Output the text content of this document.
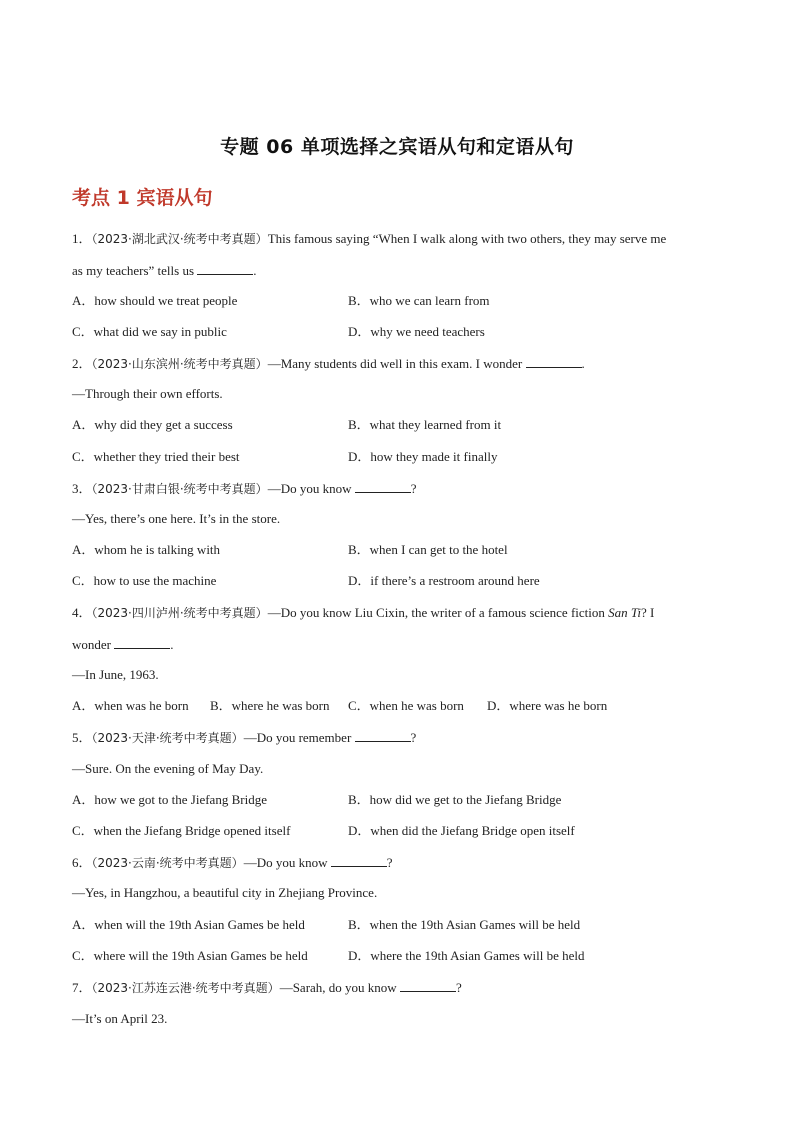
专题 06 单项选择之宾语从句和定语从句
考点 1 宾语从句
1．（2023·湖北武汉·统考中考真题）This famous saying “When I walk along with two others, they may serve me
as my teachers” tells us	.
A．how should we treat people	B．who we can learn from
C．what did we say in public	D．why we need teachers
2．（2023·山东滨州·统考中考真题）—Many students did well in this exam. I wonder	.
—Through their own efforts.
A．why did they get a success	B．what they learned from it
C．whether they tried their best	D．how they made it finally
3．（2023·甘肃白银·统考中考真题）—Do you know	?
—Yes, there’s one here. It’s in the store.
A．whom he is talking with	B．when I can get to the hotel
C．how to use the machine	D．if there’s a restroom around here
4．（2023·四川泸州·统考中考真题）—Do you know Liu Cixin, the writer of a famous science fiction San Ti? I
wonder	.
—In June, 1963.
A．when was he born B．where he was born C．when he was born D．where was he born
5．（2023·天津·统考中考真题）—Do you remember	?
—Sure. On the evening of May Day.
A．how we got to the Jiefang Bridge	B．how did we get to the Jiefang Bridge
C．when the Jiefang Bridge opened itself	D．when did the Jiefang Bridge open itself
6．（2023·云南·统考中考真题）—Do you know	?
—Yes, in Hangzhou, a beautiful city in Zhejiang Province.
A．when will the 19th Asian Games be held	B．when the 19th Asian Games will be held
C．where will the 19th Asian Games be held	D．where the 19th Asian Games will be held
7．（2023·江苏连云港·统考中考真题）—Sarah, do you know	?
—It’s on April 23.
